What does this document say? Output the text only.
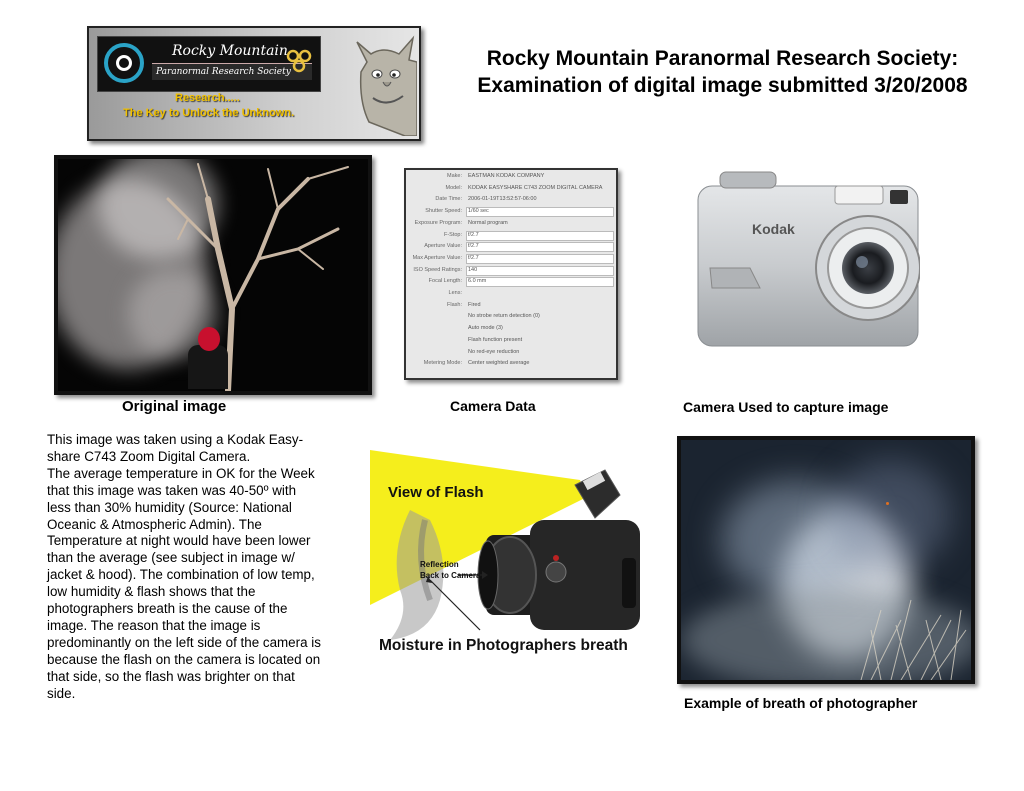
Rocky Mountain
Paranormal Research Society
Research.....
The Key to Unlock the Unknown.
Rocky Mountain Paranormal Research Society:
Examination of digital image submitted 3/20/2008
Original image
Make: EASTMAN KODAK COMPANY
Model: KODAK EASYSHARE C743 ZOOM DIGITAL CAMERA
Date Time: 2006-01-19T13:52:57-06:00
Shutter Speed: 1/60 sec
Exposure Program: Normal program
F-Stop: f/2.7
Aperture Value: f/2.7
Max Aperture Value: f/2.7
ISO Speed Ratings: 140
Focal Length: 6.0 mm
Lens:
Flash: Fired
No strobe return detection (0)
Auto mode (3)
Flash function present
No red-eye reduction
Metering Mode: Center weighted average
Camera Data
Kodak
Camera Used to capture image
This image was taken using a Kodak Easy-
share C743 Zoom Digital Camera.
The average temperature in OK for the Week
that this image was taken was 40-50º with
less than 30% humidity (Source: National
Oceanic & Atmospheric Admin). The
Temperature at night would have been lower
than the average (see subject in image w/
jacket & hood). The combination of low temp,
low humidity & flash shows that the
photographers breath is the cause of the
image. The reason that the image is
predominantly on the left side of the camera is
because the flash on the camera is located on
that side, so the flash was brighter on that
side.
View of Flash
Reflection
Back to Camera
Moisture in Photographers breath
Example of breath of photographer
